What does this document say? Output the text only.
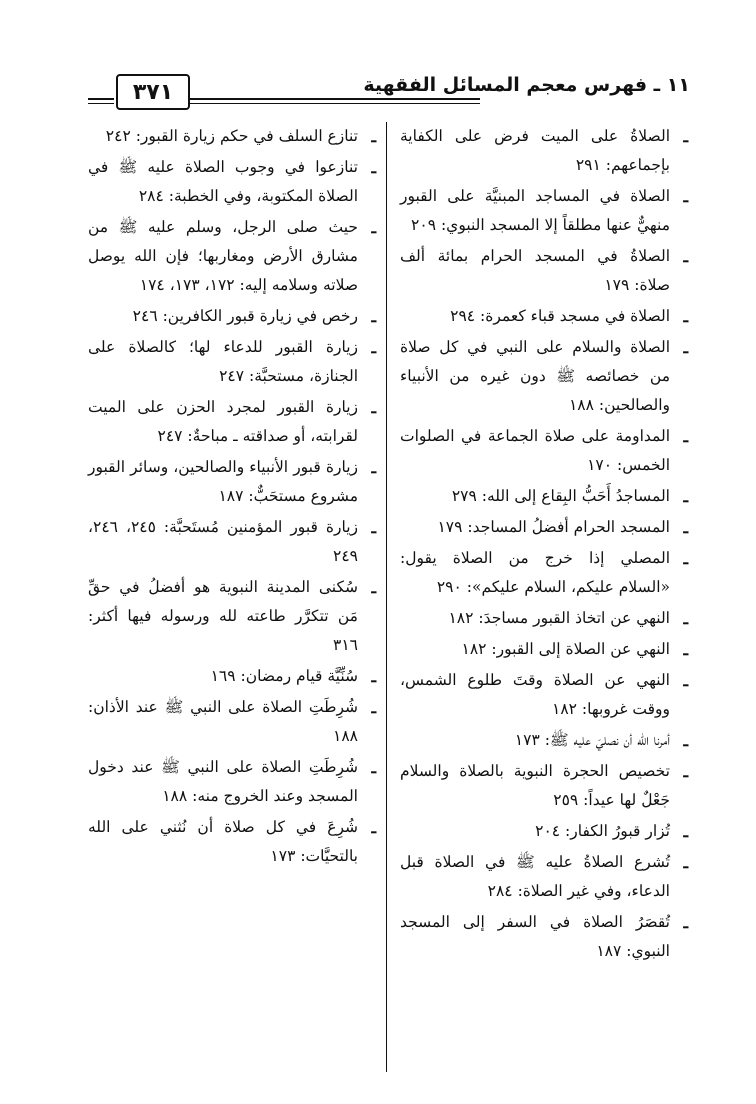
١١ ـ فهرس معجم المسائل الفقهية
٣٧١
ـ
الصلاةُ على الميت فرض على الكفاية بإجماعهم: ٢٩١
ـ
الصلاة في المساجد المبنيَّة على القبور منهيٌّ عنها مطلقاً إلا المسجد النبوي: ٢٠٩
ـ
الصلاةُ في المسجد الحرام بمائة ألف صلاة: ١٧٩
ـ
الصلاة في مسجد قباء كعمرة: ٢٩٤
ـ
الصلاة والسلام على النبي في كل صلاة من خصائصه ﷺ دون غيره من الأنبياء والصالحين: ١٨٨
ـ
المداومة على صلاة الجماعة في الصلوات الخمس: ١٧٠
ـ
المساجدُ أَحَبُّ البِقاع إلى الله: ٢٧٩
ـ
المسجد الحرام أفضلُ المساجد: ١٧٩
ـ
المصلي إذا خرج من الصلاة يقول: «السلام عليكم، السلام عليكم»: ٢٩٠
ـ
النهي عن اتخاذ القبور مساجدَ: ١٨٢
ـ
النهي عن الصلاة إلى القبور: ١٨٢
ـ
النهي عن الصلاة وقتَ طلوع الشمس، ووقت غروبها: ١٨٢
ـ
أمرنا الله أن نصليَ عليه ﷺ: ١٧٣
ـ
تخصيص الحجرة النبوية بالصلاة والسلام جَعْلٌ لها عيداً: ٢٥٩
ـ
تُزار قبورُ الكفار: ٢٠٤
ـ
تُشرع الصلاةُ عليه ﷺ في الصلاة قبل الدعاء، وفي غير الصلاة: ٢٨٤
ـ
تُقصَرُ الصلاة في السفر إلى المسجد النبوي: ١٨٧
ـ
تنازع السلف في حكم زيارة القبور: ٢٤٢
ـ
تنازعوا في وجوب الصلاة عليه ﷺ في الصلاة المكتوبة، وفي الخطبة: ٢٨٤
ـ
حيث صلى الرجل، وسلم عليه ﷺ من مشارق الأرض ومغاربها؛ فإن الله يوصل صلاته وسلامه إليه: ١٧٢، ١٧٣، ١٧٤
ـ
رخص في زيارة قبور الكافرين: ٢٤٦
ـ
زيارة القبور للدعاء لها؛ كالصلاة على الجنازة، مستحبَّة: ٢٤٧
ـ
زيارة القبور لمجرد الحزن على الميت لقرابته، أو صداقته ـ مباحةٌ: ٢٤٧
ـ
زيارة قبور الأنبياء والصالحين، وسائر القبور مشروع مستحَبٌّ: ١٨٧
ـ
زيارة قبور المؤمنين مُستَحبَّة: ٢٤٥، ٢٤٦، ٢٤٩
ـ
سُكنى المدينة النبوية هو أفضلُ في حقِّ مَن تتكرَّر طاعته لله ورسوله فيها أكثر: ٣١٦
ـ
سُنِّيَّة قيام رمضان: ١٦٩
ـ
شُرِطَتِ الصلاة على النبي ﷺ عند الأذان: ١٨٨
ـ
شُرِطَتِ الصلاة على النبي ﷺ عند دخول المسجد وعند الخروج منه: ١٨٨
ـ
شُرِعَ في كل صلاة أن نُثني على الله بالتحيَّات: ١٧٣
